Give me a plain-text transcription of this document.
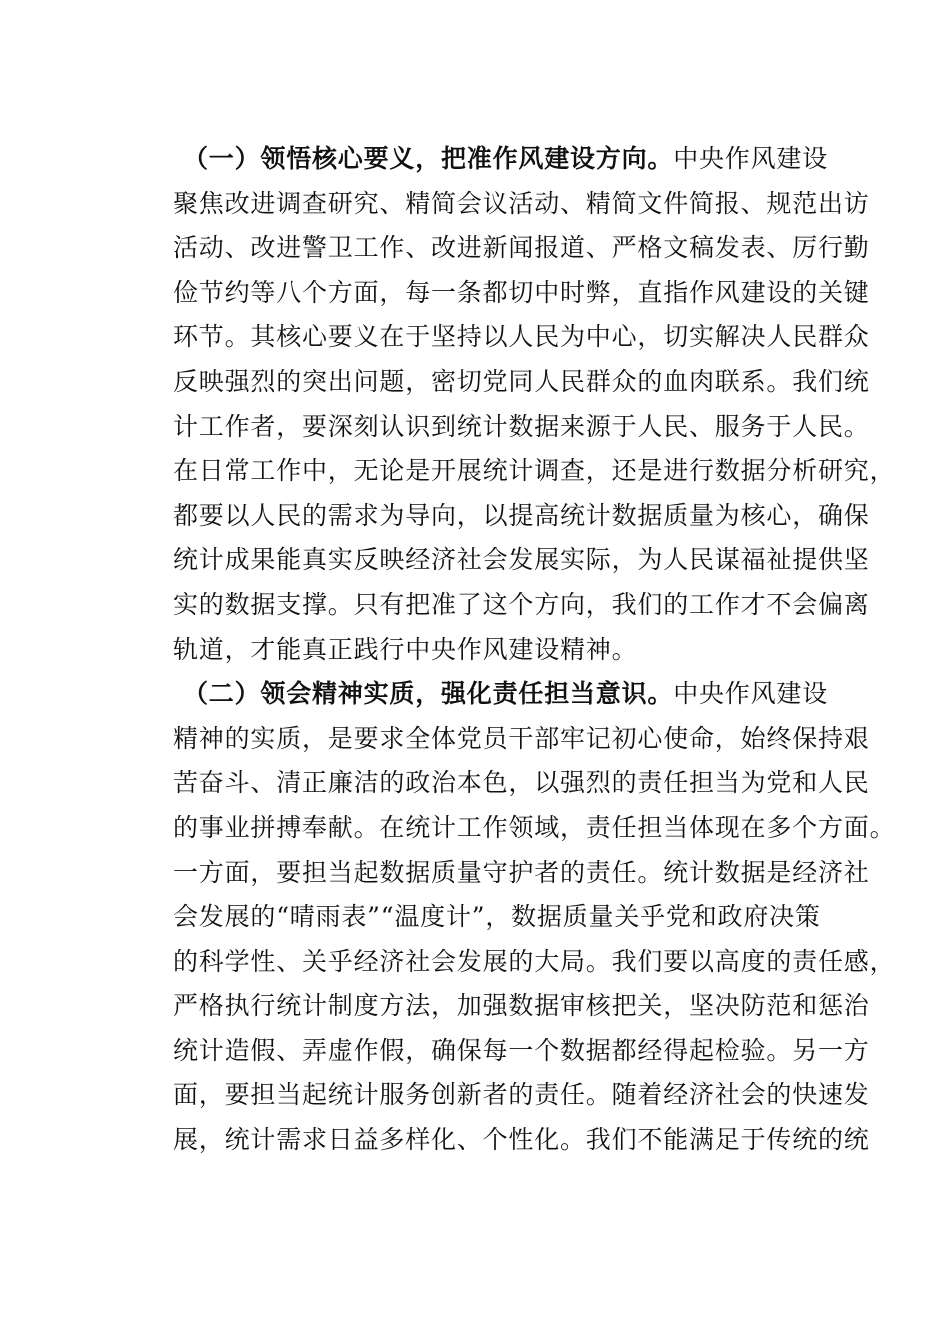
（一）领悟核心要义，把准作风建设方向。中央作风建设
聚焦改进调查研究、精简会议活动、精简文件简报、规范出访
活动、改进警卫工作、改进新闻报道、严格文稿发表、厉行勤
俭节约等八个方面，每一条都切中时弊，直指作风建设的关键
环节。其核心要义在于坚持以人民为中心，切实解决人民群众
反映强烈的突出问题，密切党同人民群众的血肉联系。我们统
计工作者，要深刻认识到统计数据来源于人民、服务于人民。
在日常工作中，无论是开展统计调查，还是进行数据分析研究，
都要以人民的需求为导向，以提高统计数据质量为核心，确保
统计成果能真实反映经济社会发展实际，为人民谋福祉提供坚
实的数据支撑。只有把准了这个方向，我们的工作才不会偏离
轨道，才能真正践行中央作风建设精神。
（二）领会精神实质，强化责任担当意识。中央作风建设
精神的实质，是要求全体党员干部牢记初心使命，始终保持艰
苦奋斗、清正廉洁的政治本色，以强烈的责任担当为党和人民
的事业拼搏奉献。在统计工作领域，责任担当体现在多个方面。
一方面，要担当起数据质量守护者的责任。统计数据是经济社
会发展的“晴雨表”“温度计”，数据质量关乎党和政府决策
的科学性、关乎经济社会发展的大局。我们要以高度的责任感，
严格执行统计制度方法，加强数据审核把关，坚决防范和惩治
统计造假、弄虚作假，确保每一个数据都经得起检验。另一方
面，要担当起统计服务创新者的责任。随着经济社会的快速发
展，统计需求日益多样化、个性化。我们不能满足于传统的统
